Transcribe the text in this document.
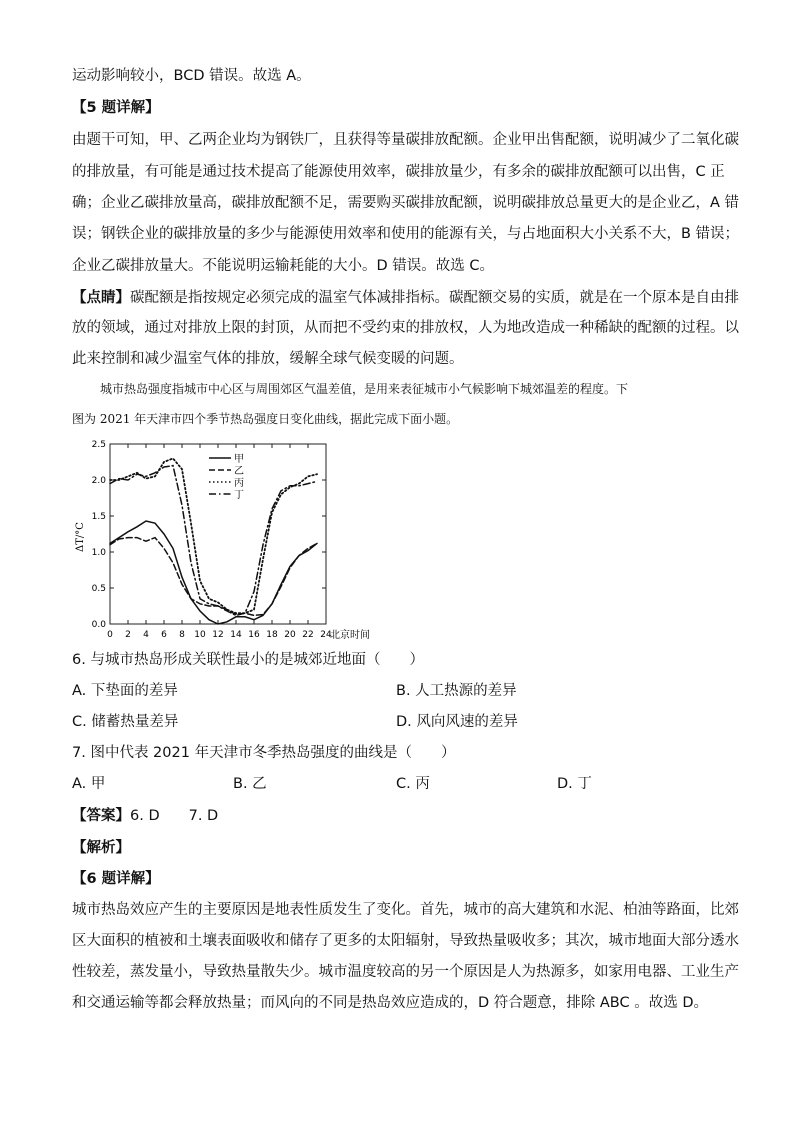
运动影响较小，BCD 错误。故选 A。
【5 题详解】
由题干可知，甲、乙两企业均为钢铁厂，且获得等量碳排放配额。企业甲出售配额，说明减少了二氧化碳
的排放量，有可能是通过技术提高了能源使用效率，碳排放量少，有多余的碳排放配额可以出售，C 正
确；企业乙碳排放量高，碳排放配额不足，需要购买碳排放配额，说明碳排放总量更大的是企业乙，A 错
误；钢铁企业的碳排放量的多少与能源使用效率和使用的能源有关，与占地面积大小关系不大，B 错误；
企业乙碳排放量大。不能说明运输耗能的大小。D 错误。故选 C。
【点睛】碳配额是指按规定必须完成的温室气体减排指标。碳配额交易的实质，就是在一个原本是自由排
放的领域，通过对排放上限的封顶，从而把不受约束的排放权，人为地改造成一种稀缺的配额的过程。以
此来控制和减少温室气体的排放，缓解全球气候变暖的问题。
城市热岛强度指城市中心区与周围郊区气温差值，是用来表征城市小气候影响下城郊温差的程度。下
图为 2021 年天津市四个季节热岛强度日变化曲线，据此完成下面小题。
0.0
0.5
1.0
1.5
2.0
2.5
0 2 4 6 8 10 12 14 16 18 20 22 24
甲
乙
丙
丁
ΔT/°C
北京时间
6. 与城市热岛形成关联性最小的是城郊近地面（　　）
A. 下垫面的差异	B. 人工热源的差异
C. 储蓄热量差异	D. 风向风速的差异
7. 图中代表 2021 年天津市冬季热岛强度的曲线是（　　）
A. 甲	B. 乙	C. 丙	D. 丁
【答案】6. D　　7. D
【解析】
【6 题详解】
城市热岛效应产生的主要原因是地表性质发生了变化。首先，城市的高大建筑和水泥、柏油等路面，比郊
区大面积的植被和土壤表面吸收和储存了更多的太阳辐射，导致热量吸收多；其次，城市地面大部分透水
性较差，蒸发量小，导致热量散失少。城市温度较高的另一个原因是人为热源多，如家用电器、工业生产
和交通运输等都会释放热量；而风向的不同是热岛效应造成的，D 符合题意，排除 ABC 。故选 D。
